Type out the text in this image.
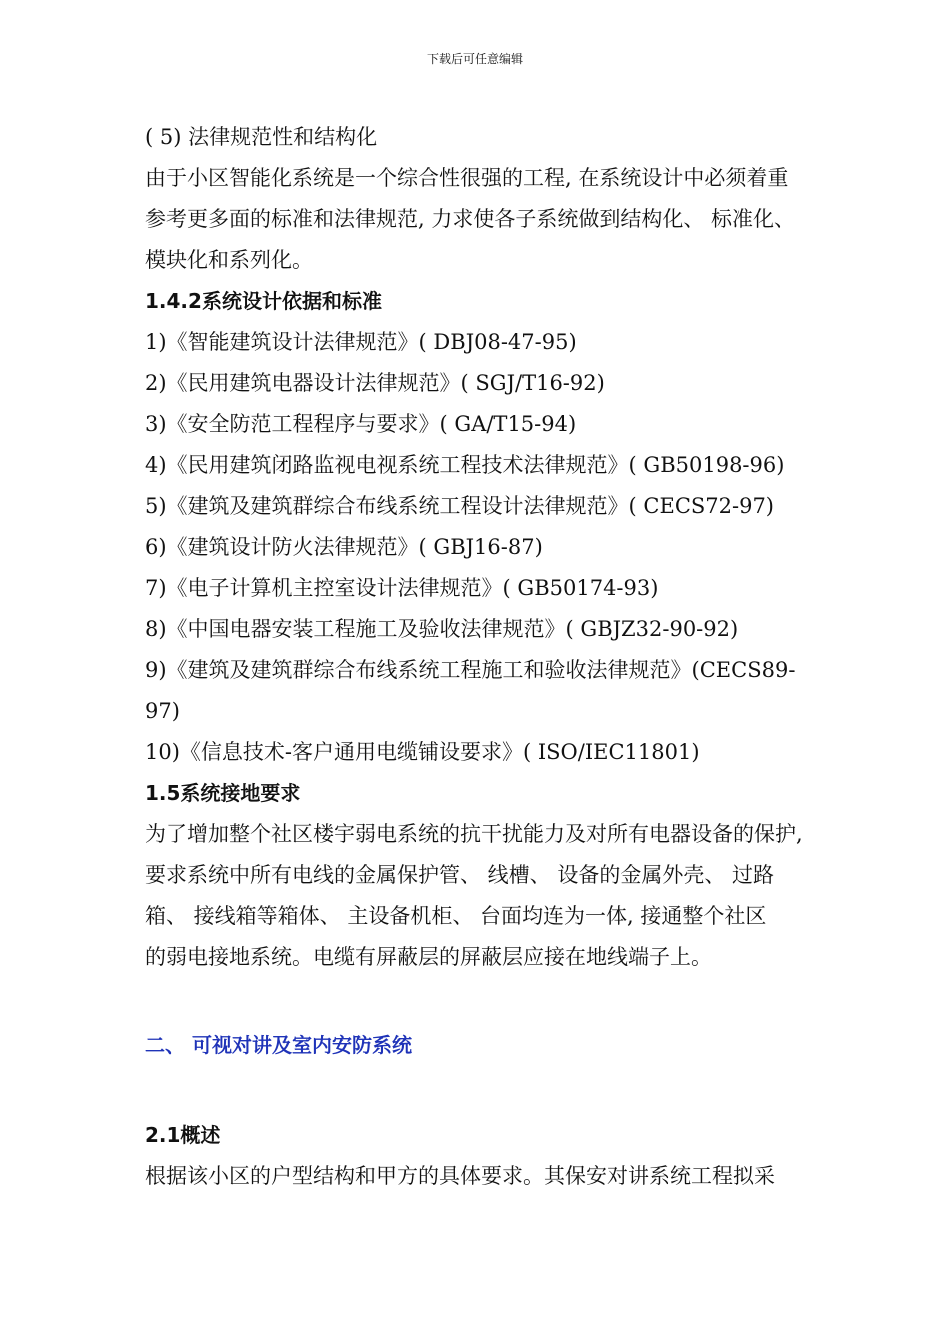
下载后可任意编辑
( 5) 法律规范性和结构化
由于小区智能化系统是一个综合性很强的工程, 在系统设计中必须着重
参考更多面的标准和法律规范, 力求使各子系统做到结构化、 标准化、
模块化和系列化。
1.4.2系统设计依据和标准
1)《智能建筑设计法律规范》( DBJ08-47-95)
2)《民用建筑电器设计法律规范》( SGJ/T16-92)
3)《安全防范工程程序与要求》( GA/T15-94)
4)《民用建筑闭路监视电视系统工程技术法律规范》( GB50198-96)
5)《建筑及建筑群综合布线系统工程设计法律规范》( CECS72-97)
6)《建筑设计防火法律规范》( GBJ16-87)
7)《电子计算机主控室设计法律规范》( GB50174-93)
8)《中国电器安装工程施工及验收法律规范》( GBJZ32-90-92)
9)《建筑及建筑群综合布线系统工程施工和验收法律规范》(CECS89-
97)
10)《信息技术-客户通用电缆铺设要求》( ISO/IEC11801)
1.5系统接地要求
为了增加整个社区楼宇弱电系统的抗干扰能力及对所有电器设备的保护,
要求系统中所有电线的金属保护管、 线槽、 设备的金属外壳、 过路
箱、 接线箱等箱体、 主设备机柜、 台面均连为一体, 接通整个社区
的弱电接地系统。电缆有屏蔽层的屏蔽层应接在地线端子上。
二、 可视对讲及室内安防系统
2.1概述
根据该小区的户型结构和甲方的具体要求。其保安对讲系统工程拟采
